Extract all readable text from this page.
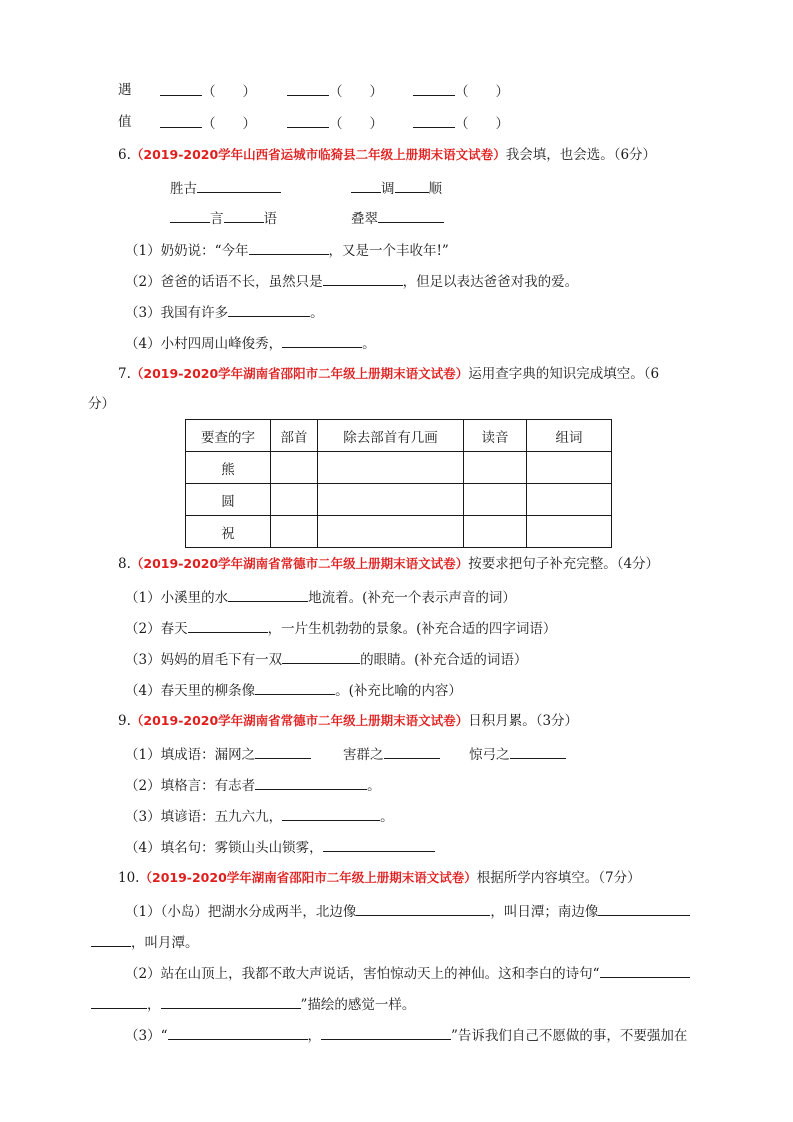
遇	（　　）	（　　）	（　　）
值	（　　）	（　　）	（　　）
6.（2019-2020学年山西省运城市临猗县二年级上册期末语文试卷）我会填，也会选。（6分）
胜古	调	顺
言	语	叠翠
（1）奶奶说：“今年	，又是一个丰收年!”
（2）爸爸的话语不长，虽然只是	，但足以表达爸爸对我的爱。
（3）我国有许多	。
（4）小村四周山峰俊秀，	。
7.（2019-2020学年湖南省邵阳市二年级上册期末语文试卷）运用查字典的知识完成填空。（6
分）
要查的字	部首	除去部首有几画	读音	组词
熊				
圆				
祝				
8.（2019-2020学年湖南省常德市二年级上册期末语文试卷）按要求把句子补充完整。（4分）
（1）小溪里的水	地流着。(补充一个表示声音的词）
（2）春天	，一片生机勃勃的景象。(补充合适的四字词语）
（3）妈妈的眉毛下有一双	的眼睛。(补充合适的词语）
（4）春天里的柳条像	。(补充比喻的内容）
9.（2019-2020学年湖南省常德市二年级上册期末语文试卷）日积月累。（3分）
（1）填成语：漏网之	害群之	惊弓之
（2）填格言：有志者	。
（3）填谚语：五九六九，	。
（4）填名句：雾锁山头山锁雾，
10.（2019-2020学年湖南省邵阳市二年级上册期末语文试卷）根据所学内容填空。（7分）
（1）（小岛）把湖水分成两半，北边像	，叫日潭；南边像
，叫月潭。
（2）站在山顶上，我都不敢大声说话，害怕惊动天上的神仙。这和李白的诗句“
，	”描绘的感觉一样。
（3）“	，	”告诉我们自己不愿做的事，不要强加在
